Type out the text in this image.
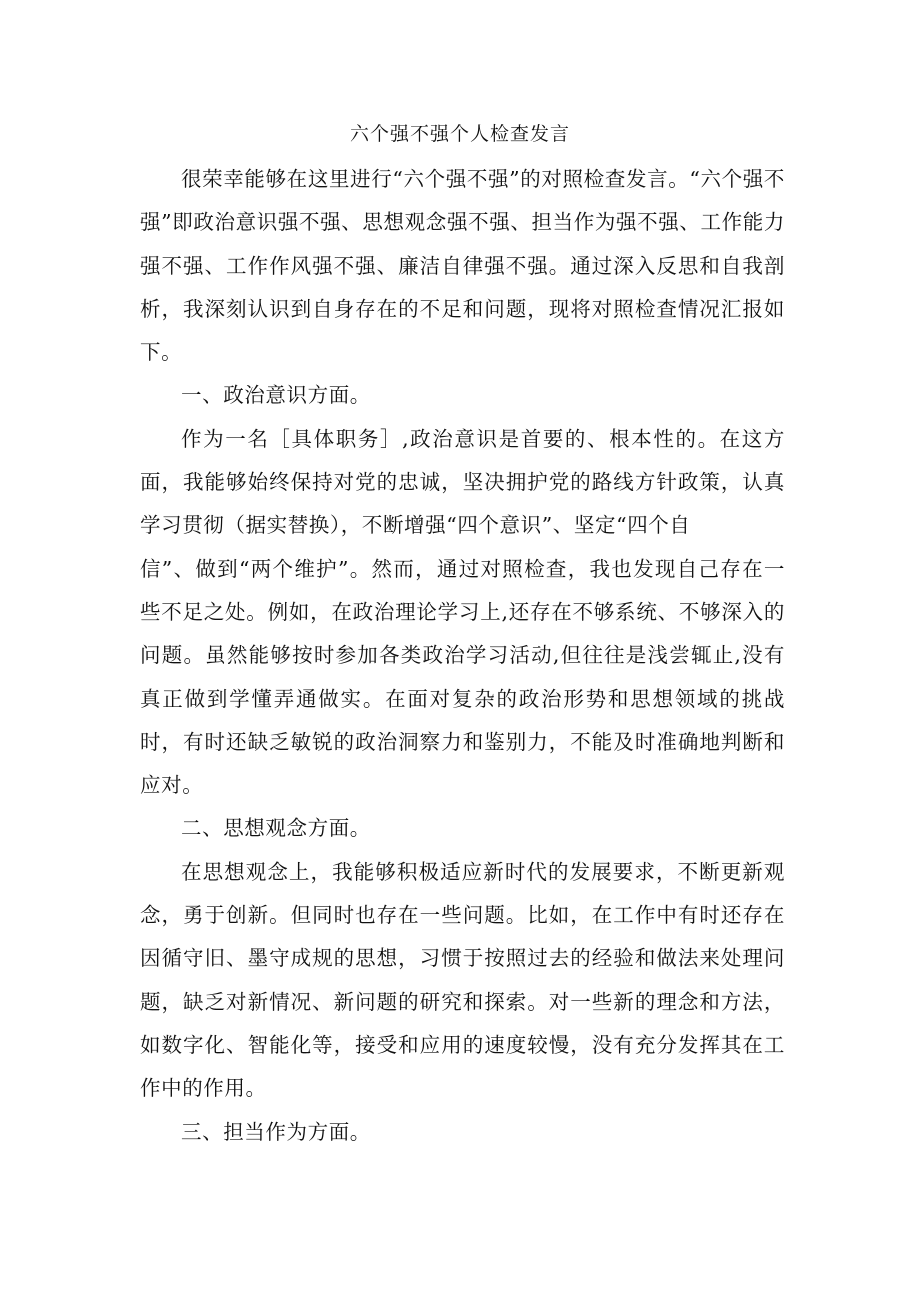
六个强不强个人检查发言

很荣幸能够在这里进行“六个强不强”的对照检查发言。“六个强不强”即政治意识强不强、思想观念强不强、担当作为强不强、工作能力强不强、工作作风强不强、廉洁自律强不强。通过深入反思和自我剖析，我深刻认识到自身存在的不足和问题，现将对照检查情况汇报如下。

一、政治意识方面。

作为一名［具体职务］,政治意识是首要的、根本性的。在这方面，我能够始终保持对党的忠诚，坚决拥护党的路线方针政策，认真学习贯彻（据实替换），不断增强“四个意识”、坚定“四个自

信”、做到“两个维护”。然而，通过对照检查，我也发现自己存在一些不足之处。例如，在政治理论学习上,还存在不够系统、不够深入的问题。虽然能够按时参加各类政治学习活动,但往往是浅尝辄止,没有真正做到学懂弄通做实。在面对复杂的政治形势和思想领域的挑战时，有时还缺乏敏锐的政治洞察力和鉴别力，不能及时准确地判断和应对。

二、思想观念方面。

在思想观念上，我能够积极适应新时代的发展要求，不断更新观念，勇于创新。但同时也存在一些问题。比如，在工作中有时还存在因循守旧、墨守成规的思想，习惯于按照过去的经验和做法来处理问题，缺乏对新情况、新问题的研究和探索。对一些新的理念和方法，如数字化、智能化等，接受和应用的速度较慢，没有充分发挥其在工作中的作用。

三、担当作为方面。
